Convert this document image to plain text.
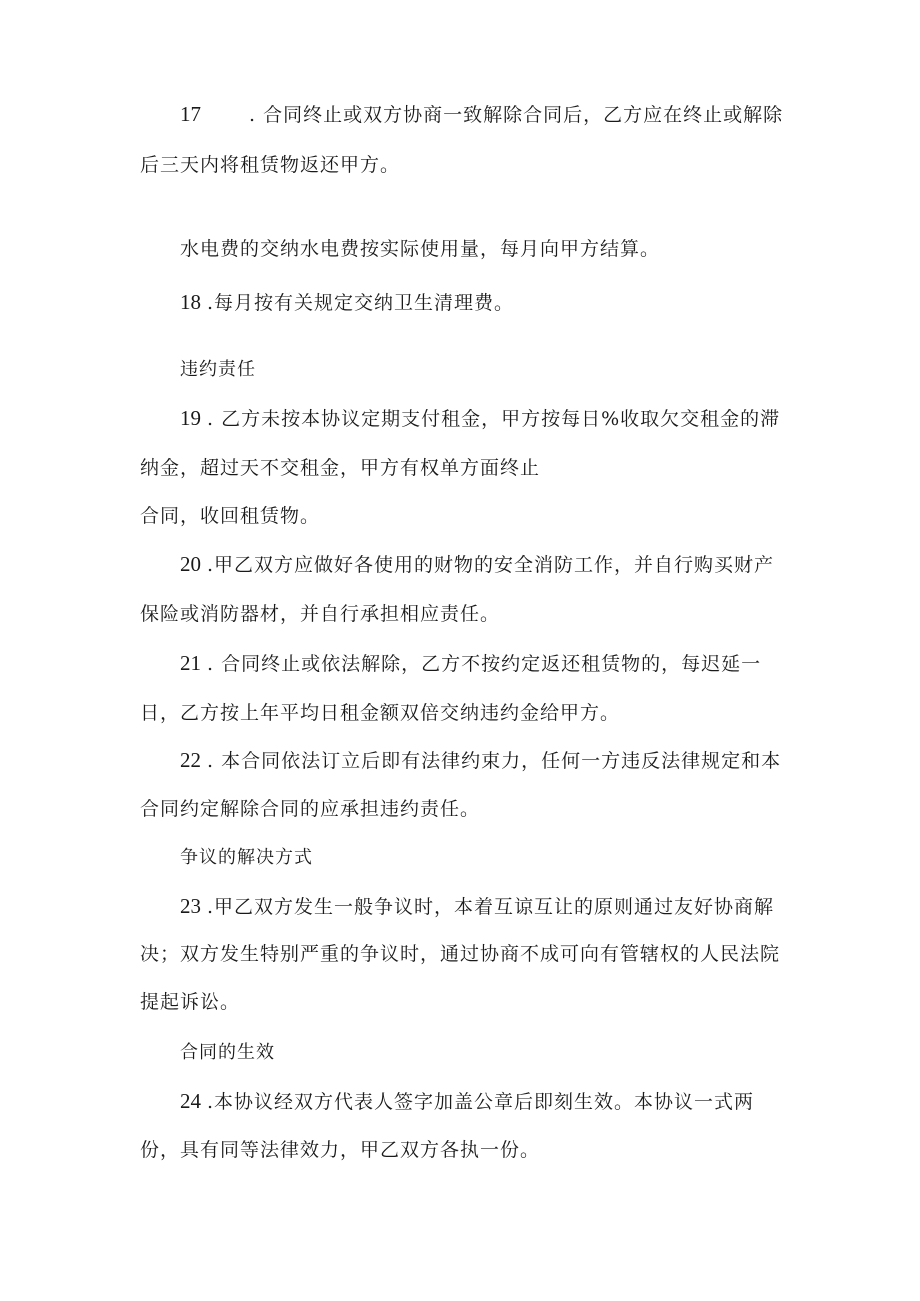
17	. 合同终止或双方协商一致解除合同后，乙方应在终止或解除
后三天内将租赁物返还甲方。
水电费的交纳水电费按实际使用量，每月向甲方结算。
18 .每月按有关规定交纳卫生清理费。
违约责任
19 . 乙方未按本协议定期支付租金，甲方按每日%收取欠交租金的滞
纳金，超过天不交租金，甲方有权单方面终止
合同，收回租赁物。
20 .甲乙双方应做好各使用的财物的安全消防工作，并自行购买财产
保险或消防器材，并自行承担相应责任。
21 . 合同终止或依法解除，乙方不按约定返还租赁物的，每迟延一
日，乙方按上年平均日租金额双倍交纳违约金给甲方。
22 . 本合同依法订立后即有法律约束力，任何一方违反法律规定和本
合同约定解除合同的应承担违约责任。
争议的解决方式
23 .甲乙双方发生一般争议时，本着互谅互让的原则通过友好协商解
决；双方发生特别严重的争议时，通过协商不成可向有管辖权的人民法院
提起诉讼。
合同的生效
24 .本协议经双方代表人签字加盖公章后即刻生效。本协议一式两
份，具有同等法律效力，甲乙双方各执一份。
